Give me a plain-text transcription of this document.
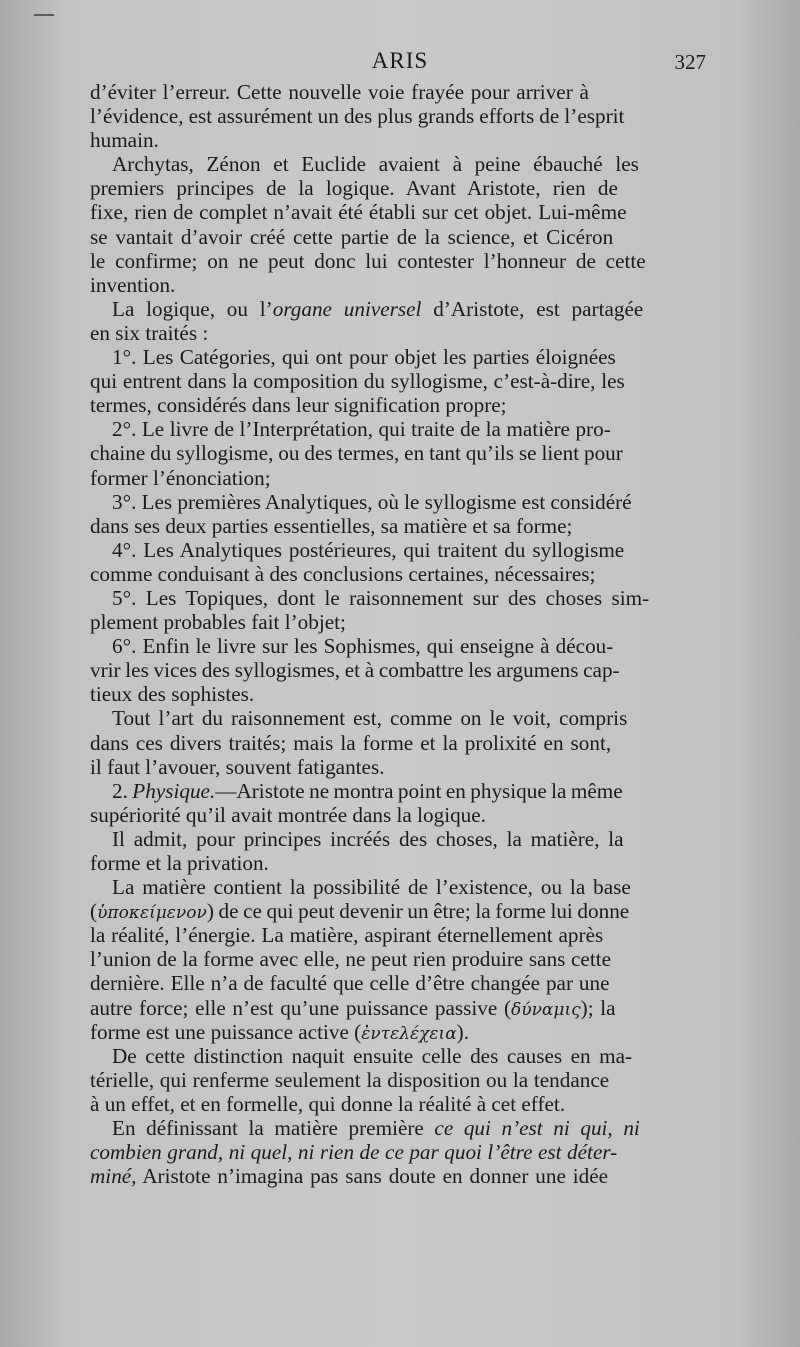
ARIS	327
d’éviter l’erreur. Cette nouvelle voie frayée pour arriver à
l’évidence, est assurément un des plus grands efforts de l’esprit
humain.
Archytas, Zénon et Euclide avaient à peine ébauché les
premiers principes de la logique. Avant Aristote, rien de
fixe, rien de complet n’avait été établi sur cet objet. Lui-même
se vantait d’avoir créé cette partie de la science, et Cicéron
le confirme; on ne peut donc lui contester l’honneur de cette
invention.
La logique, ou l’organe universel d’Aristote, est partagée
en six traités :
1°. Les Catégories, qui ont pour objet les parties éloignées
qui entrent dans la composition du syllogisme, c’est-à-dire, les
termes, considérés dans leur signification propre;
2°. Le livre de l’Interprétation, qui traite de la matière pro-
chaine du syllogisme, ou des termes, en tant qu’ils se lient pour
former l’énonciation;
3°. Les premières Analytiques, où le syllogisme est considéré
dans ses deux parties essentielles, sa matière et sa forme;
4°. Les Analytiques postérieures, qui traitent du syllogisme
comme conduisant à des conclusions certaines, nécessaires;
5°. Les Topiques, dont le raisonnement sur des choses sim-
plement probables fait l’objet;
6°. Enfin le livre sur les Sophismes, qui enseigne à décou-
vrir les vices des syllogismes, et à combattre les argumens cap-
tieux des sophistes.
Tout l’art du raisonnement est, comme on le voit, compris
dans ces divers traités; mais la forme et la prolixité en sont,
il faut l’avouer, souvent fatigantes.
2. Physique.—Aristote ne montra point en physique la même
supériorité qu’il avait montrée dans la logique.
Il admit, pour principes incréés des choses, la matière, la
forme et la privation.
La matière contient la possibilité de l’existence, ou la base
(ὑποκείμενον) de ce qui peut devenir un être; la forme lui donne
la réalité, l’énergie. La matière, aspirant éternellement après
l’union de la forme avec elle, ne peut rien produire sans cette
dernière. Elle n’a de faculté que celle d’être changée par une
autre force; elle n’est qu’une puissance passive (δύναμις); la
forme est une puissance active (ἐντελέχεια).
De cette distinction naquit ensuite celle des causes en ma-
térielle, qui renferme seulement la disposition ou la tendance
à un effet, et en formelle, qui donne la réalité à cet effet.
En définissant la matière première ce qui n’est ni qui, ni
combien grand, ni quel, ni rien de ce par quoi l’être est déter-
miné, Aristote n’imagina pas sans doute en donner une idée
